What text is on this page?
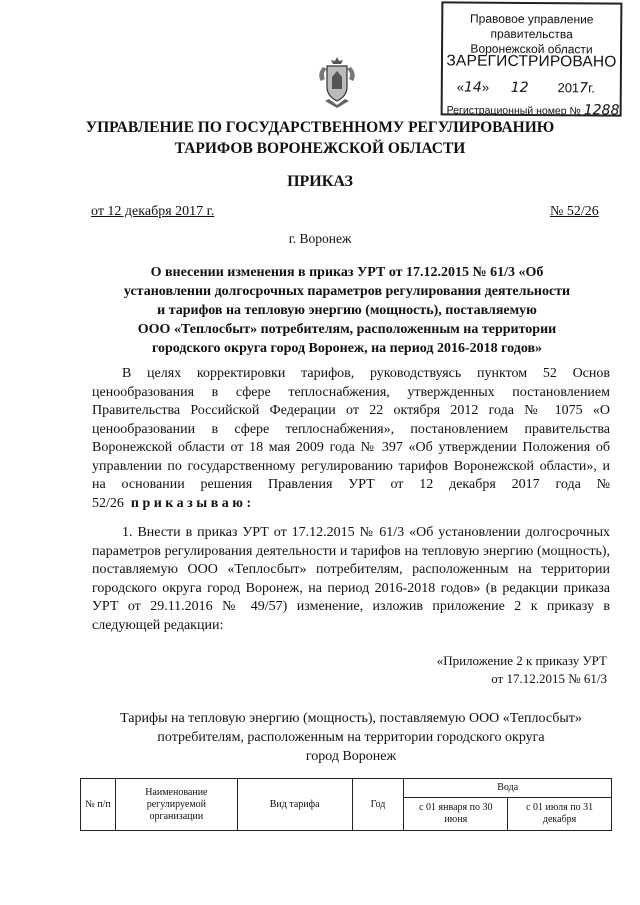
Правовое управление правительства
Воронежской области
ЗАРЕГИСТРИРОВАНО
«14»      12 2017г.
Регистрационный номер № 1288
УПРАВЛЕНИЕ ПО ГОСУДАРСТВЕННОМУ РЕГУЛИРОВАНИЮ
ТАРИФОВ ВОРОНЕЖСКОЙ ОБЛАСТИ
ПРИКАЗ
от 12 декабря 2017 г.	№ 52/26
г. Воронеж
О внесении изменения в приказ УРТ от 17.12.2015 № 61/3 «Об
установлении долгосрочных параметров регулирования деятельности
и тарифов на тепловую энергию (мощность), поставляемую
ООО «Теплосбыт» потребителям, расположенным на территории
городского округа город Воронеж, на период 2016-2018 годов»
В целях корректировки тарифов, руководствуясь пунктом 52 Основ ценообразования в сфере теплоснабжения, утвержденных постановлением Правительства Российской Федерации от 22 октября 2012 года № 1075 «О ценообразовании в сфере теплоснабжения», постановлением правительства Воронежской области от 18 мая 2009 года № 397 «Об утверждении Положения об управлении по государственному регулированию тарифов Воронежской области», и на основании решения Правления УРТ от 12 декабря 2017 года № 52/26 приказываю:
1. Внести в приказ УРТ от 17.12.2015 № 61/3 «Об установлении долгосрочных параметров регулирования деятельности и тарифов на тепловую энергию (мощность), поставляемую ООО «Теплосбыт» потребителям, расположенным на территории городского округа город Воронеж, на период 2016-2018 годов» (в редакции приказа УРТ от 29.11.2016 № 49/57) изменение, изложив приложение 2 к приказу в следующей редакции:
«Приложение 2 к приказу УРТ
от 17.12.2015 № 61/3
Тарифы на тепловую энергию (мощность), поставляемую ООО «Теплосбыт»
потребителям, расположенным на территории городского округа
город Воронеж
№ п/п	Наименование регулируемой организации	Вид тарифа	Год	Вода	
				с 01 января по 30 июня	с 01 июля по 31 декабря
